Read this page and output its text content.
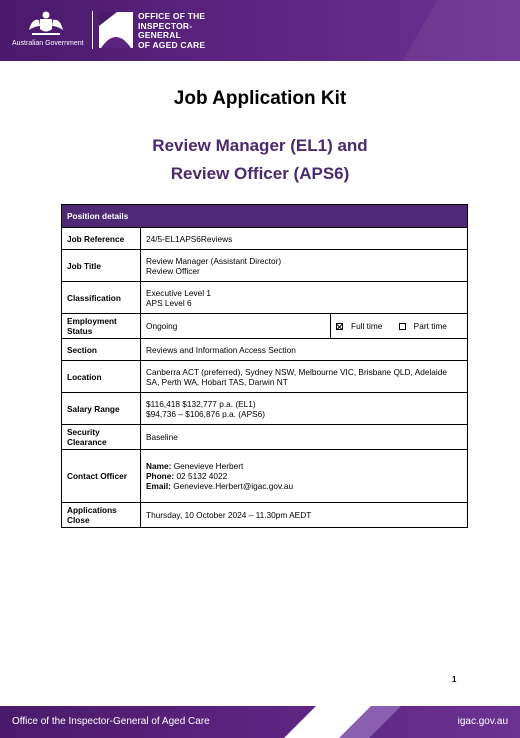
Australian Government
OFFICE OF THE
INSPECTOR-
GENERAL
OF AGED CARE
Job Application Kit
Review Manager (EL1) and
Review Officer (APS6)
Position details		
Job Reference	24/5-EL1APS6Reviews	
Job Title	Review Manager (Assistant Director)
Review Officer	

Classification	Executive Level 1
APS Level 6	

Employment Status	Ongoing	Full time Part time
Section	Reviews and Information Access Section	
Location	Canberra ACT (preferred), Sydney NSW, Melbourne VIC, Brisbane QLD, Adelaide SA, Perth WA, Hobart TAS, Darwin NT	
Salary Range	$116,418 $132,777 p.a. (EL1)
$94,736 – $106,876 p.a. (APS6)	

Security Clearance	Baseline	
Contact Officer	Name: Genevieve Herbert
Phone: 02 5132 4022
Email: Genevieve.Herbert@igac.gov.au	

Applications Close	Thursday, 10 October 2024 – 11.30pm AEDT	
1
Office of the Inspector-General of Aged Care	igac.gov.au
